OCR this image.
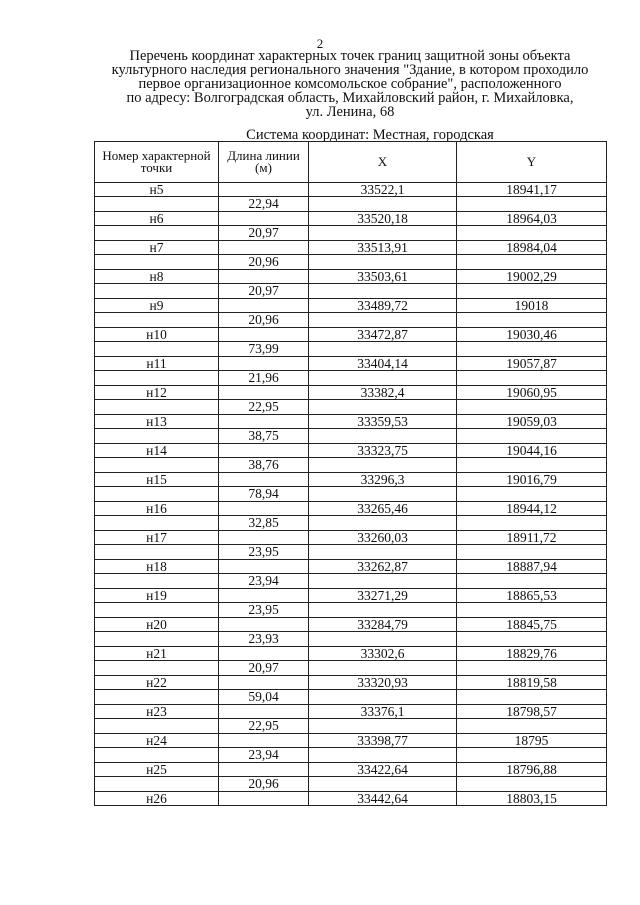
2
Перечень координат характерных точек границ защитной зоны объекта
культурного наследия регионального значения "Здание, в котором проходило
первое организационное комсомольское собрание", расположенного
по адресу: Волгоградская область, Михайловский район, г. Михайловка,
ул. Ленина, 68
Система координат: Местная, городская
Номер характерной точки	Длина линии (м)	X	Y
н5		33522,1	18941,17
	22,94		
н6		33520,18	18964,03
	20,97		
н7		33513,91	18984,04
	20,96		
н8		33503,61	19002,29
	20,97		
н9		33489,72	19018
	20,96		
н10		33472,87	19030,46
	73,99		
н11		33404,14	19057,87
	21,96		
н12		33382,4	19060,95
	22,95		
н13		33359,53	19059,03
	38,75		
н14		33323,75	19044,16
	38,76		
н15		33296,3	19016,79
	78,94		
н16		33265,46	18944,12
	32,85		
н17		33260,03	18911,72
	23,95		
н18		33262,87	18887,94
	23,94		
н19		33271,29	18865,53
	23,95		
н20		33284,79	18845,75
	23,93		
н21		33302,6	18829,76
	20,97		
н22		33320,93	18819,58
	59,04		
н23		33376,1	18798,57
	22,95		
н24		33398,77	18795
	23,94		
н25		33422,64	18796,88
	20,96		
н26		33442,64	18803,15
